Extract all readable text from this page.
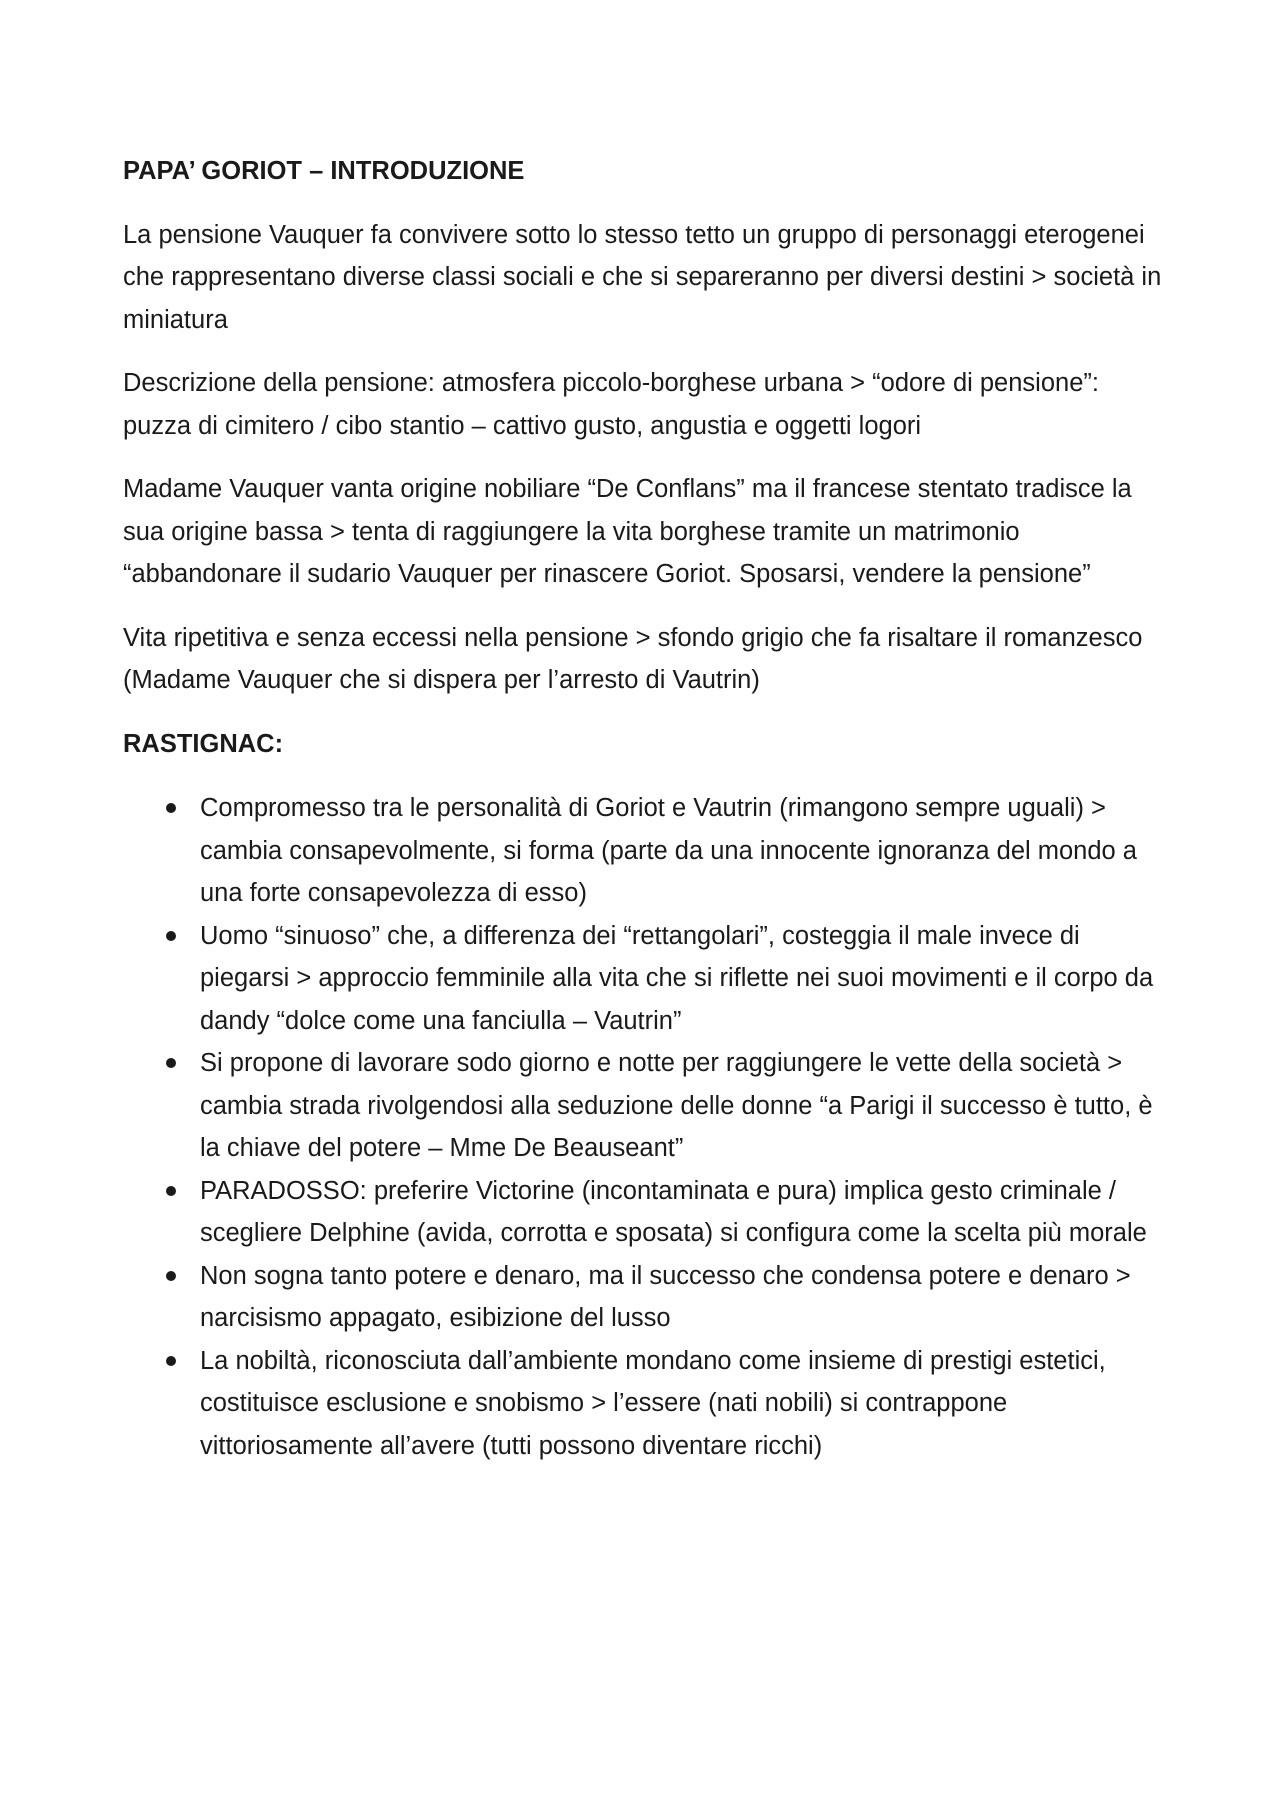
PAPA’ GORIOT – INTRODUZIONE

La pensione Vauquer fa convivere sotto lo stesso tetto un gruppo di personaggi eterogenei che rappresentano diverse classi sociali e che si separeranno per diversi destini > società in miniatura

Descrizione della pensione: atmosfera piccolo-borghese urbana > “odore di pensione”: puzza di cimitero / cibo stantio – cattivo gusto, angustia e oggetti logori

Madame Vauquer vanta origine nobiliare “De Conflans” ma il francese stentato tradisce la sua origine bassa > tenta di raggiungere la vita borghese tramite un matrimonio “abbandonare il sudario Vauquer per rinascere Goriot. Sposarsi, vendere la pensione”

Vita ripetitiva e senza eccessi nella pensione > sfondo grigio che fa risaltare il romanzesco (Madame Vauquer che si dispera per l’arresto di Vautrin)

RASTIGNAC:

Compromesso tra le personalità di Goriot e Vautrin (rimangono sempre uguali) > cambia consapevolmente, si forma (parte da una innocente ignoranza del mondo a una forte consapevolezza di esso)
Uomo “sinuoso” che, a differenza dei “rettangolari”, costeggia il male invece di piegarsi > approccio femminile alla vita che si riflette nei suoi movimenti e il corpo da dandy “dolce come una fanciulla – Vautrin”
Si propone di lavorare sodo giorno e notte per raggiungere le vette della società > cambia strada rivolgendosi alla seduzione delle donne “a Parigi il successo è tutto, è la chiave del potere – Mme De Beauseant”
PARADOSSO: preferire Victorine (incontaminata e pura) implica gesto criminale / scegliere Delphine (avida, corrotta e sposata) si configura come la scelta più morale
Non sogna tanto potere e denaro, ma il successo che condensa potere e denaro > narcisismo appagato, esibizione del lusso
La nobiltà, riconosciuta dall’ambiente mondano come insieme di prestigi estetici, costituisce esclusione e snobismo > l’essere (nati nobili) si contrappone vittoriosamente all’avere (tutti possono diventare ricchi)
